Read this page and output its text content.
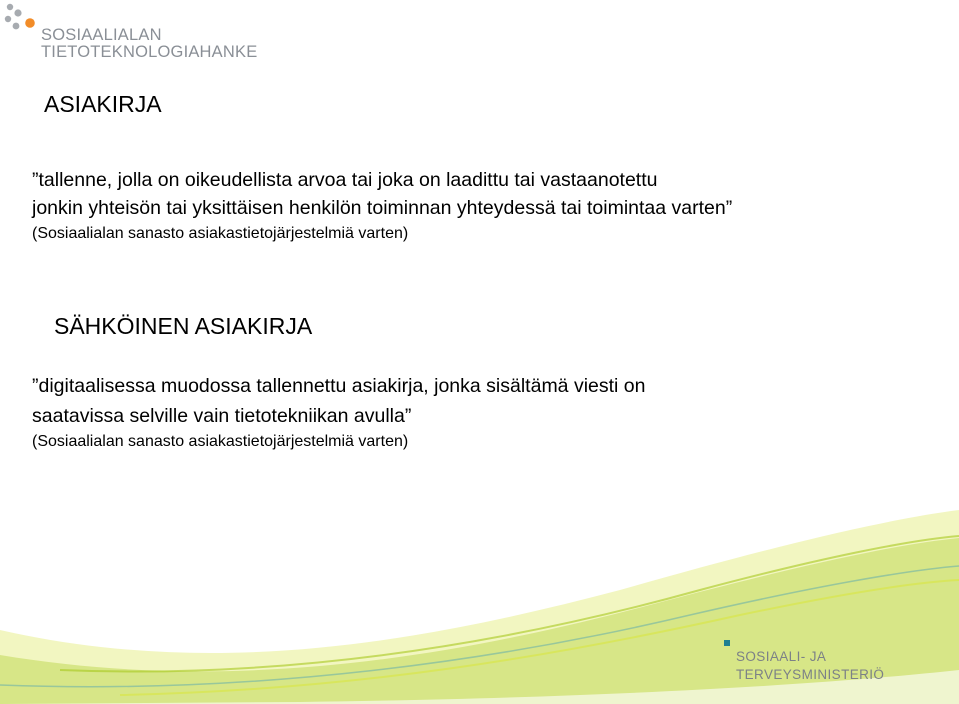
SOSIAALIALAN
TIETOTEKNOLOGIAHANKE
ASIAKIRJA
”tallenne, jolla on oikeudellista arvoa tai joka on laadittu tai vastaanotettu
jonkin yhteisön tai yksittäisen henkilön toiminnan yhteydessä tai toimintaa varten”
(Sosiaalialan sanasto asiakastietojärjestelmiä varten)
SÄHKÖINEN ASIAKIRJA
”digitaalisessa muodossa tallennettu asiakirja, jonka sisältämä viesti on
saatavissa selville vain tietotekniikan avulla”
(Sosiaalialan sanasto asiakastietojärjestelmiä varten)
SOSIAALI- JA
TERVEYSMINISTERIÖ
